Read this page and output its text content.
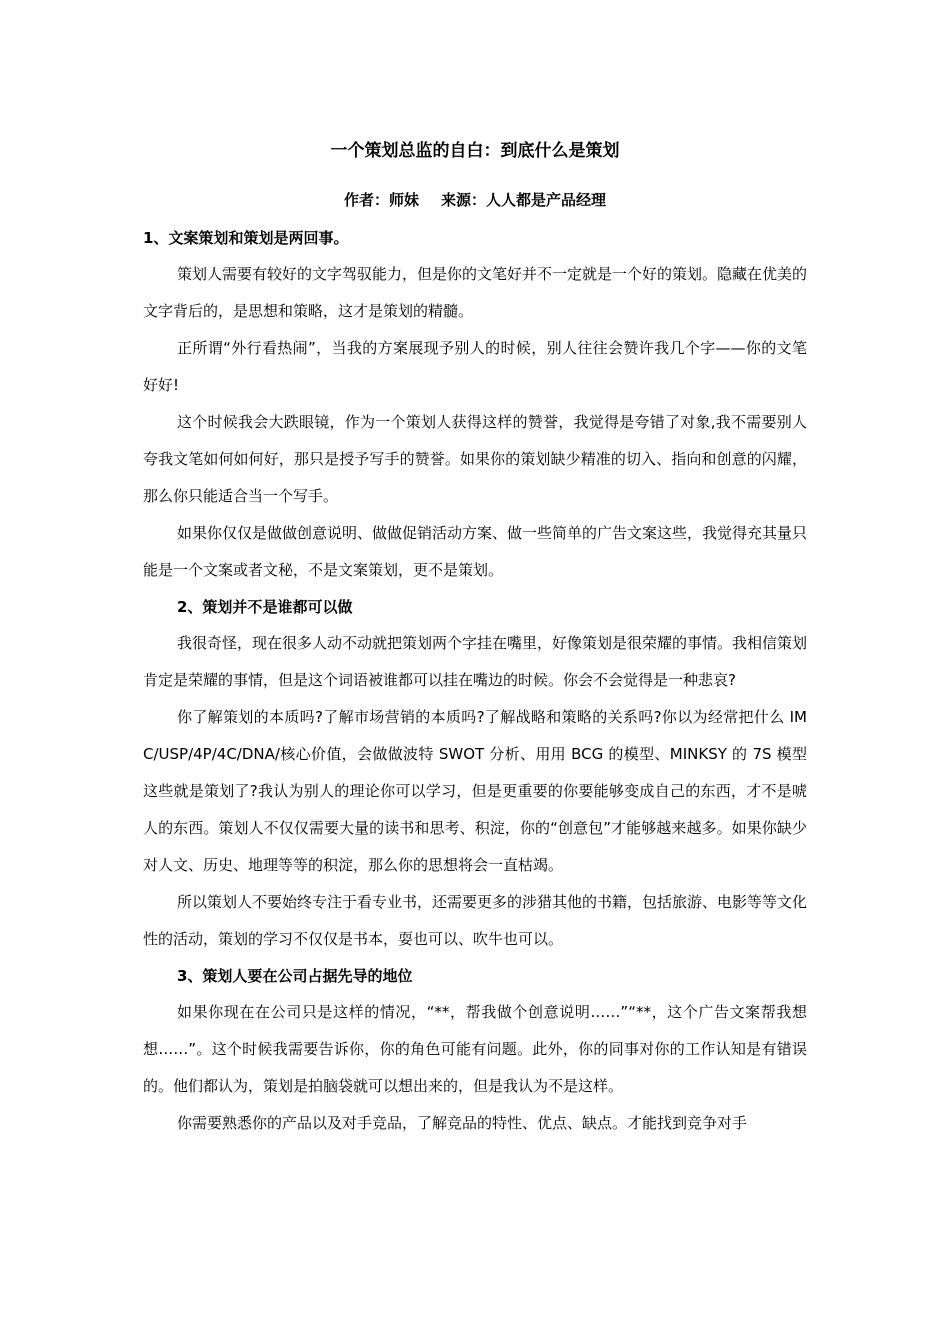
一个策划总监的自白：到底什么是策划
作者：师妹 来源：人人都是产品经理

1、文案策划和策划是两回事。

策划人需要有较好的文字驾驭能力，但是你的文笔好并不一定就是一个好的策划。隐藏在优美的文字背后的，是思想和策略，这才是策划的精髓。

正所谓“外行看热闹”，当我的方案展现予别人的时候，别人往往会赞许我几个字——你的文笔好好!

这个时候我会大跌眼镜，作为一个策划人获得这样的赞誉，我觉得是夸错了对象,我不需要别人夸我文笔如何如何好，那只是授予写手的赞誉。如果你的策划缺少精准的切入、指向和创意的闪耀，那么你只能适合当一个写手。

如果你仅仅是做做创意说明、做做促销活动方案、做一些简单的广告文案这些，我觉得充其量只能是一个文案或者文秘，不是文案策划，更不是策划。

2、策划并不是谁都可以做

我很奇怪，现在很多人动不动就把策划两个字挂在嘴里，好像策划是很荣耀的事情。我相信策划肯定是荣耀的事情，但是这个词语被谁都可以挂在嘴边的时候。你会不会觉得是一种悲哀?

你了解策划的本质吗?了解市场营销的本质吗?了解战略和策略的关系吗?你以为经常把什么 IMC/USP/4P/4C/DNA/核心价值，会做做波特 SWOT 分析、用用 BCG 的模型、MINKSY 的 7S 模型这些就是策划了?我认为别人的理论你可以学习，但是更重要的你要能够变成自己的东西，才不是唬人的东西。策划人不仅仅需要大量的读书和思考、积淀，你的“创意包”才能够越来越多。如果你缺少对人文、历史、地理等等的积淀，那么你的思想将会一直枯竭。

所以策划人不要始终专注于看专业书，还需要更多的涉猎其他的书籍，包括旅游、电影等等文化性的活动，策划的学习不仅仅是书本，耍也可以、吹牛也可以。

3、策划人要在公司占据先导的地位

如果你现在在公司只是这样的情况，“**，帮我做个创意说明……”“**，这个广告文案帮我想想……”。这个时候我需要告诉你，你的角色可能有问题。此外，你的同事对你的工作认知是有错误的。他们都认为，策划是拍脑袋就可以想出来的，但是我认为不是这样。

你需要熟悉你的产品以及对手竞品，了解竞品的特性、优点、缺点。才能找到竞争对手
